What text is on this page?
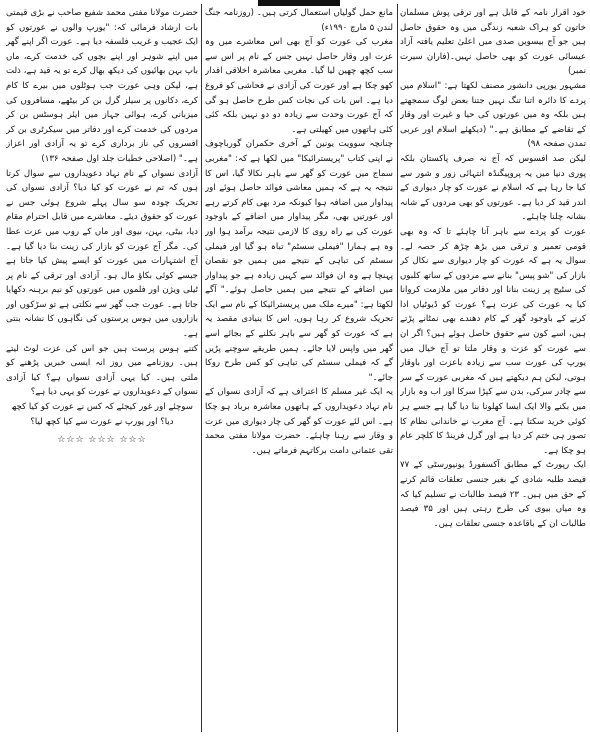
خود اقرار نامہ کے قابل ہے اور ترقی پوش مسلمان خاتون کو ہراک شعبہ زندگی میں وہ حقوق حاصل ہیں جو آج بیسویں صدی میں اعلیٰ تعلیم یافتہ آزاد عیسائی عورت کو بھی حاصل نہیں۔(فاران سیرت نمبر)

مشہور یورپی دانشور مصنف لکھتا ہے: "اسلام میں پردے کا دائرہ اتنا تنگ نہیں جتنا بعض لوگ سمجھتے ہیں بلکہ وہ میں عورتوں کی حیا و غیرت اور وقار کے تقاضے کے مطابق ہے۔" (دیکھئے اسلام اور عربی تمدن صفحہ ۹۸)

لیکن صد افسوس کہ آج نہ صرف پاکستان بلکہ پوری دنیا میں یہ پروپیگنڈہ انتہائی زور و شور سے کیا جا رہا ہے کہ اسلام نے عورت کو چار دیواری کے اندر قید کر دیا ہے۔ عورتوں کو بھی مردوں کے شانہ بشانہ چلنا چاہئے۔

عورت کو پردے سے باہر آنا چاہئے تا کہ وہ بھی قومی تعمیر و ترقی میں بڑھ چڑھ کر حصہ لے۔ سوال یہ ہے کہ عورت کو چار دیواری سے نکال کر بازار کی "شو پیس" بنانے سے مردوں کے ساتھ کلبوں کی سٹیج پر زینت بنانا اور دفاتر میں ملازمت کروانا کیا یہ عورت کی عزت ہے؟ عورت کو ڈیوٹیاں ادا کرنے کے باوجود گھر کے کام دھندے بھی نمٹانے پڑتے ہیں، اسے کون سے حقوق حاصل ہوئے ہیں؟ اگر ان سے عورت کو عزت و وقار ملتا تو آج خیال میں یورپ کی عورت سب سے زیادہ باعزت اور باوقار ہوتی، لیکن ہم دیکھتے ہیں کہ مغربی عورت کے سر سے چادر سرکی، بدن سے کپڑا سرکا اور اب وہ بازار میں بکنے والا ایک ایسا کھلونا بنا دیا گیا ہے جسے ہر کوئی خرید سکتا ہے۔ آج مغرب نے خاندانی نظام کا تصور ہی ختم کر دیا ہے اور گرل فرینڈ کا کلچر عام ہو چکا ہے۔

ایک رپورٹ کے مطابق آکسفورڈ یونیورسٹی کے ۷۷ فیصد طلبہ شادی کے بغیر جنسی تعلقات قائم کرنے کے حق میں ہیں۔ ۲۳ فیصد طالبات نے تسلیم کیا کہ وہ میاں بیوی کی طرح رہتی ہیں اور ۳۵ فیصد طالبات ان کے باقاعدہ جنسی تعلقات ہیں۔

مانع حمل گولیاں استعمال کرتی ہیں۔ (روزنامہ جنگ لندن ۵ مارچ ۱۹۹۰ء)

مغرب کی عورت کو آج بھی اس معاشرے میں وہ عزت اور وقار حاصل نہیں جس کے نام پر اس سے سب کچھ چھین لیا گیا۔ مغربی معاشرہ اخلاقی اقدار کھو چکا ہے اور عورت کی آزادی نے فحاشی کو فروغ دیا ہے۔ اس بات کی نجات کس طرح حاصل ہو گی کہ آج عورت وحدت سے زیادہ دو دو نہیں بلکہ کئی کئی ہاتھوں میں کھیلتی ہے۔

چنانچہ سوویت یونین کے آخری حکمران گورباچوف نے اپنی کتاب "پریسترائیکا" میں لکھا ہے کہ: "مغربی سماج میں عورت کو گھر سے باہر نکالا گیا، اس کا نتیجہ یہ ہے کہ ہمیں معاشی فوائد حاصل ہوئے اور پیداوار میں اضافہ ہوا کیونکہ مرد بھی کام کرتے رہے اور عورتیں بھی، مگر پیداوار میں اضافے کے باوجود عورت کی بے راہ روی کا لازمی نتیجہ برآمد ہوا اور وہ ہے ہمارا "فیملی سسٹم" تباہ ہو گیا اور فیملی سسٹم کی تباہی کے نتیجے میں ہمیں جو نقصان پہنچا ہے وہ ان فوائد سے کہیں زیادہ ہے جو پیداوار میں اضافے کے نتیجے میں ہمیں حاصل ہوئے۔" آگے لکھتا ہے: "میرے ملک میں پریسترائیکا کے نام سے ایک تحریک شروع کر رہا ہوں، اس کا بنیادی مقصد یہ ہے کہ عورت کو گھر سے باہر نکلنے کے بجائے اسے گھر میں واپس لایا جائے۔ ہمیں طریقے سوچنے پڑیں گے کہ فیملی سسٹم کی تباہی کو کس طرح روکا جائے۔"

یہ ایک غیر مسلم کا اعتراف ہے کہ آزادی نسواں کے نام نہاد دعویداروں کے ہاتھوں معاشرہ برباد ہو چکا ہے۔ اس لئے عورت کو گھر کی چار دیواری میں عزت و وقار سے رہنا چاہئے۔ حضرت مولانا مفتی محمد تقی عثمانی دامت برکاتہم فرماتے ہیں۔

حضرت مولانا مفتی محمد شفیع صاحب نے بڑی قیمتی بات ارشاد فرمائی کہ: "یورپ والوں نے عورتوں کو ایک عجیب و غریب فلسفہ دیا ہے۔ عورت اگر اپنے گھر میں اپنے شوہر اور اپنے بچوں کی خدمت کرے، ماں باپ بہن بھائیوں کی دیکھ بھال کرے تو یہ قید ہے، ذلت ہے، لیکن وہی عورت جب ہوٹلوں میں بیرے کا کام کرے، دکانوں پر سیلز گرل بن کر بیٹھے، مسافروں کی میزبانی کرے، ہوائی جہاز میں ایئر ہوسٹس بن کر مردوں کی خدمت کرے اور دفاتر میں سیکرٹری بن کر افسروں کی ناز برداری کرے تو یہ آزادی اور اعزاز ہے۔" (اصلاحی خطبات جلد اول صفحہ ۱۳۶)

آزادی نسواں کے نام نہاد دعویداروں سے سوال کرتا ہوں کہ تم نے عورت کو کیا دیا؟ آزادی نسواں کی تحریک چودہ سو سال پہلے شروع ہوئی جس نے عورت کو حقوق دیئے۔ معاشرے میں قابل احترام مقام دیا، بیٹی، بہن، بیوی اور ماں کے روپ میں عزت عطا کی۔ مگر آج عورت کو بازار کی زینت بنا دیا گیا ہے۔ آج اشتہارات میں عورت کو ایسے پیش کیا جاتا ہے جیسے کوئی بکاؤ مال ہو۔ آزادی اور ترقی کے نام پر ٹیلی ویژن اور فلموں میں عورتوں کو نیم برہنہ دکھایا جاتا ہے۔ عورت جب گھر سے نکلتی ہے تو سڑکوں اور بازاروں میں ہوس پرستوں کی نگاہوں کا نشانہ بنتی ہے۔

کتنے ہوس پرست ہیں جو اس کی عزت لوٹ لیتے ہیں۔ روزنامے میں روز انہ ایسی خبریں پڑھنے کو ملتی ہیں۔ کیا یہی آزادی نسواں ہے؟ کیا آزادی نسواں کے دعویداروں نے عورت کو یہی دیا ہے؟

سوچئے اور غور کیجئے کہ کس نے عورت کو کیا کچھ دیا؟ اور یورپ نے عورت سے کیا کچھ لیا؟

☆☆☆ ☆☆☆ ☆☆☆
